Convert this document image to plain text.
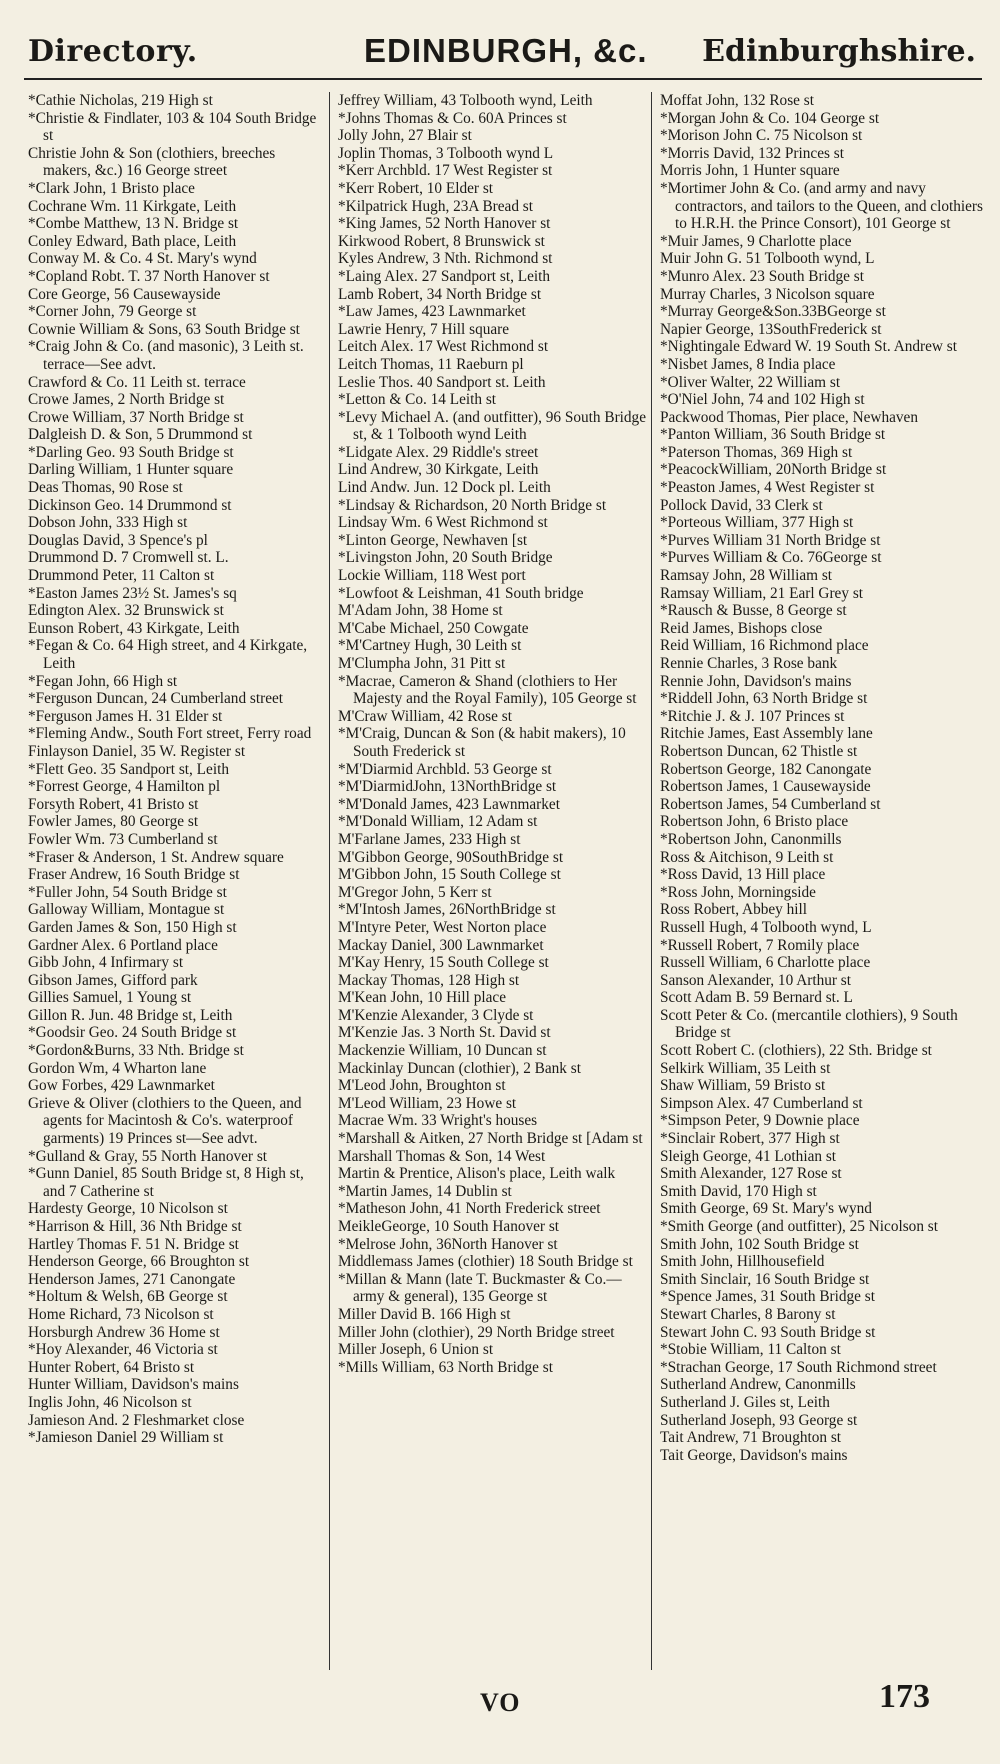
Directory.	EDINBURGH, &c. Edinburghshire.
*Cathie Nicholas, 219 High st
*Christie & Findlater, 103 & 104 South Bridge st
Christie John & Son (clothiers, breeches makers, &c.) 16 George street
*Clark John, 1 Bristo place
Cochrane Wm. 11 Kirkgate, Leith
*Combe Matthew, 13 N. Bridge st
Conley Edward, Bath place, Leith
Conway M. & Co. 4 St. Mary's wynd
*Copland Robt. T. 37 North Hanover st
Core George, 56 Causewayside
*Corner John, 79 George st
Cownie William & Sons, 63 South Bridge st
*Craig John & Co. (and masonic), 3 Leith st. terrace—See advt.
Crawford & Co. 11 Leith st. terrace
Crowe James, 2 North Bridge st
Crowe William, 37 North Bridge st
Dalgleish D. & Son, 5 Drummond st
*Darling Geo. 93 South Bridge st
Darling William, 1 Hunter square
Deas Thomas, 90 Rose st
Dickinson Geo. 14 Drummond st
Dobson John, 333 High st
Douglas David, 3 Spence's pl
Drummond D. 7 Cromwell st. L.
Drummond Peter, 11 Calton st
*Easton James 23½ St. James's sq
Edington Alex. 32 Brunswick st
Eunson Robert, 43 Kirkgate, Leith
*Fegan & Co. 64 High street, and 4 Kirkgate, Leith
*Fegan John, 66 High st
*Ferguson Duncan, 24 Cumberland street
*Ferguson James H. 31 Elder st
*Fleming Andw., South Fort street, Ferry road
Finlayson Daniel, 35 W. Register st
*Flett Geo. 35 Sandport st, Leith
*Forrest George, 4 Hamilton pl
Forsyth Robert, 41 Bristo st
Fowler James, 80 George st
Fowler Wm. 73 Cumberland st
*Fraser & Anderson, 1 St. Andrew square
Fraser Andrew, 16 South Bridge st
*Fuller John, 54 South Bridge st
Galloway William, Montague st
Garden James & Son, 150 High st
Gardner Alex. 6 Portland place
Gibb John, 4 Infirmary st
Gibson James, Gifford park
Gillies Samuel, 1 Young st
Gillon R. Jun. 48 Bridge st, Leith
*Goodsir Geo. 24 South Bridge st
*Gordon&Burns, 33 Nth. Bridge st
Gordon Wm, 4 Wharton lane
Gow Forbes, 429 Lawnmarket
Grieve & Oliver (clothiers to the Queen, and agents for Macintosh & Co's. waterproof garments) 19 Princes st—See advt.
*Gulland & Gray, 55 North Hanover st
*Gunn Daniel, 85 South Bridge st, 8 High st, and 7 Catherine st
Hardesty George, 10 Nicolson st
*Harrison & Hill, 36 Nth Bridge st
Hartley Thomas F. 51 N. Bridge st
Henderson George, 66 Broughton st
Henderson James, 271 Canongate
*Holtum & Welsh, 6B George st
Home Richard, 73 Nicolson st
Horsburgh Andrew 36 Home st
*Hoy Alexander, 46 Victoria st
Hunter Robert, 64 Bristo st
Hunter William, Davidson's mains
Inglis John, 46 Nicolson st
Jamieson And. 2 Fleshmarket close
*Jamieson Daniel 29 William st
Jeffrey William, 43 Tolbooth wynd, Leith
*Johns Thomas & Co. 60A Princes st
Jolly John, 27 Blair st
Joplin Thomas, 3 Tolbooth wynd L
*Kerr Archbld. 17 West Register st
*Kerr Robert, 10 Elder st
*Kilpatrick Hugh, 23A Bread st
*King James, 52 North Hanover st
Kirkwood Robert, 8 Brunswick st
Kyles Andrew, 3 Nth. Richmond st
*Laing Alex. 27 Sandport st, Leith
Lamb Robert, 34 North Bridge st
*Law James, 423 Lawnmarket
Lawrie Henry, 7 Hill square
Leitch Alex. 17 West Richmond st
Leitch Thomas, 11 Raeburn pl
Leslie Thos. 40 Sandport st. Leith
*Letton & Co. 14 Leith st
*Levy Michael A. (and outfitter), 96 South Bridge st, & 1 Tolbooth wynd Leith
*Lidgate Alex. 29 Riddle's street
Lind Andrew, 30 Kirkgate, Leith
Lind Andw. Jun. 12 Dock pl. Leith
*Lindsay & Richardson, 20 North Bridge st
Lindsay Wm. 6 West Richmond st
*Linton George, Newhaven [st
*Livingston John, 20 South Bridge
Lockie William, 118 West port
*Lowfoot & Leishman, 41 South bridge
M'Adam John, 38 Home st
M'Cabe Michael, 250 Cowgate
*M'Cartney Hugh, 30 Leith st
M'Clumpha John, 31 Pitt st
*Macrae, Cameron & Shand (clothiers to Her Majesty and the Royal Family), 105 George st
M'Craw William, 42 Rose st
*M'Craig, Duncan & Son (& habit makers), 10 South Frederick st
*M'Diarmid Archbld. 53 George st
*M'DiarmidJohn, 13NorthBridge st
*M'Donald James, 423 Lawnmarket
*M'Donald William, 12 Adam st
M'Farlane James, 233 High st
M'Gibbon George, 90SouthBridge st
M'Gibbon John, 15 South College st
M'Gregor John, 5 Kerr st
*M'Intosh James, 26NorthBridge st
M'Intyre Peter, West Norton place
Mackay Daniel, 300 Lawnmarket
M'Kay Henry, 15 South College st
Mackay Thomas, 128 High st
M'Kean John, 10 Hill place
M'Kenzie Alexander, 3 Clyde st
M'Kenzie Jas. 3 North St. David st
Mackenzie William, 10 Duncan st
Mackinlay Duncan (clothier), 2 Bank st
M'Leod John, Broughton st
M'Leod William, 23 Howe st
Macrae Wm. 33 Wright's houses
*Marshall & Aitken, 27 North Bridge st [Adam st
Marshall Thomas & Son, 14 West
Martin & Prentice, Alison's place, Leith walk
*Martin James, 14 Dublin st
*Matheson John, 41 North Frederick street
MeikleGeorge, 10 South Hanover st
*Melrose John, 36North Hanover st
Middlemass James (clothier) 18 South Bridge st
*Millan & Mann (late T. Buckmaster & Co.—army & general), 135 George st
Miller David B. 166 High st
Miller John (clothier), 29 North Bridge street
Miller Joseph, 6 Union st
*Mills William, 63 North Bridge st
Moffat John, 132 Rose st
*Morgan John & Co. 104 George st
*Morison John C. 75 Nicolson st
*Morris David, 132 Princes st
Morris John, 1 Hunter square
*Mortimer John & Co. (and army and navy contractors, and tailors to the Queen, and clothiers to H.R.H. the Prince Consort), 101 George st
*Muir James, 9 Charlotte place
Muir John G. 51 Tolbooth wynd, L
*Munro Alex. 23 South Bridge st
Murray Charles, 3 Nicolson square
*Murray George&Son.33BGeorge st
Napier George, 13SouthFrederick st
*Nightingale Edward W. 19 South St. Andrew st
*Nisbet James, 8 India place
*Oliver Walter, 22 William st
*O'Niel John, 74 and 102 High st
Packwood Thomas, Pier place, Newhaven
*Panton William, 36 South Bridge st
*Paterson Thomas, 369 High st
*PeacockWilliam, 20North Bridge st
*Peaston James, 4 West Register st
Pollock David, 33 Clerk st
*Porteous William, 377 High st
*Purves William 31 North Bridge st
*Purves William & Co. 76George st
Ramsay John, 28 William st
Ramsay William, 21 Earl Grey st
*Rausch & Busse, 8 George st
Reid James, Bishops close
Reid William, 16 Richmond place
Rennie Charles, 3 Rose bank
Rennie John, Davidson's mains
*Riddell John, 63 North Bridge st
*Ritchie J. & J. 107 Princes st
Ritchie James, East Assembly lane
Robertson Duncan, 62 Thistle st
Robertson George, 182 Canongate
Robertson James, 1 Causewayside
Robertson James, 54 Cumberland st
Robertson John, 6 Bristo place
*Robertson John, Canonmills
Ross & Aitchison, 9 Leith st
*Ross David, 13 Hill place
*Ross John, Morningside
Ross Robert, Abbey hill
Russell Hugh, 4 Tolbooth wynd, L
*Russell Robert, 7 Romily place
Russell William, 6 Charlotte place
Sanson Alexander, 10 Arthur st
Scott Adam B. 59 Bernard st. L
Scott Peter & Co. (mercantile clothiers), 9 South Bridge st
Scott Robert C. (clothiers), 22 Sth. Bridge st
Selkirk William, 35 Leith st
Shaw William, 59 Bristo st
Simpson Alex. 47 Cumberland st
*Simpson Peter, 9 Downie place
*Sinclair Robert, 377 High st
Sleigh George, 41 Lothian st
Smith Alexander, 127 Rose st
Smith David, 170 High st
Smith George, 69 St. Mary's wynd
*Smith George (and outfitter), 25 Nicolson st
Smith John, 102 South Bridge st
Smith John, Hillhousefield
Smith Sinclair, 16 South Bridge st
*Spence James, 31 South Bridge st
Stewart Charles, 8 Barony st
Stewart John C. 93 South Bridge st
*Stobie William, 11 Calton st
*Strachan George, 17 South Richmond street
Sutherland Andrew, Canonmills
Sutherland J. Giles st, Leith
Sutherland Joseph, 93 George st
Tait Andrew, 71 Broughton st
Tait George, Davidson's mains
VO	173
